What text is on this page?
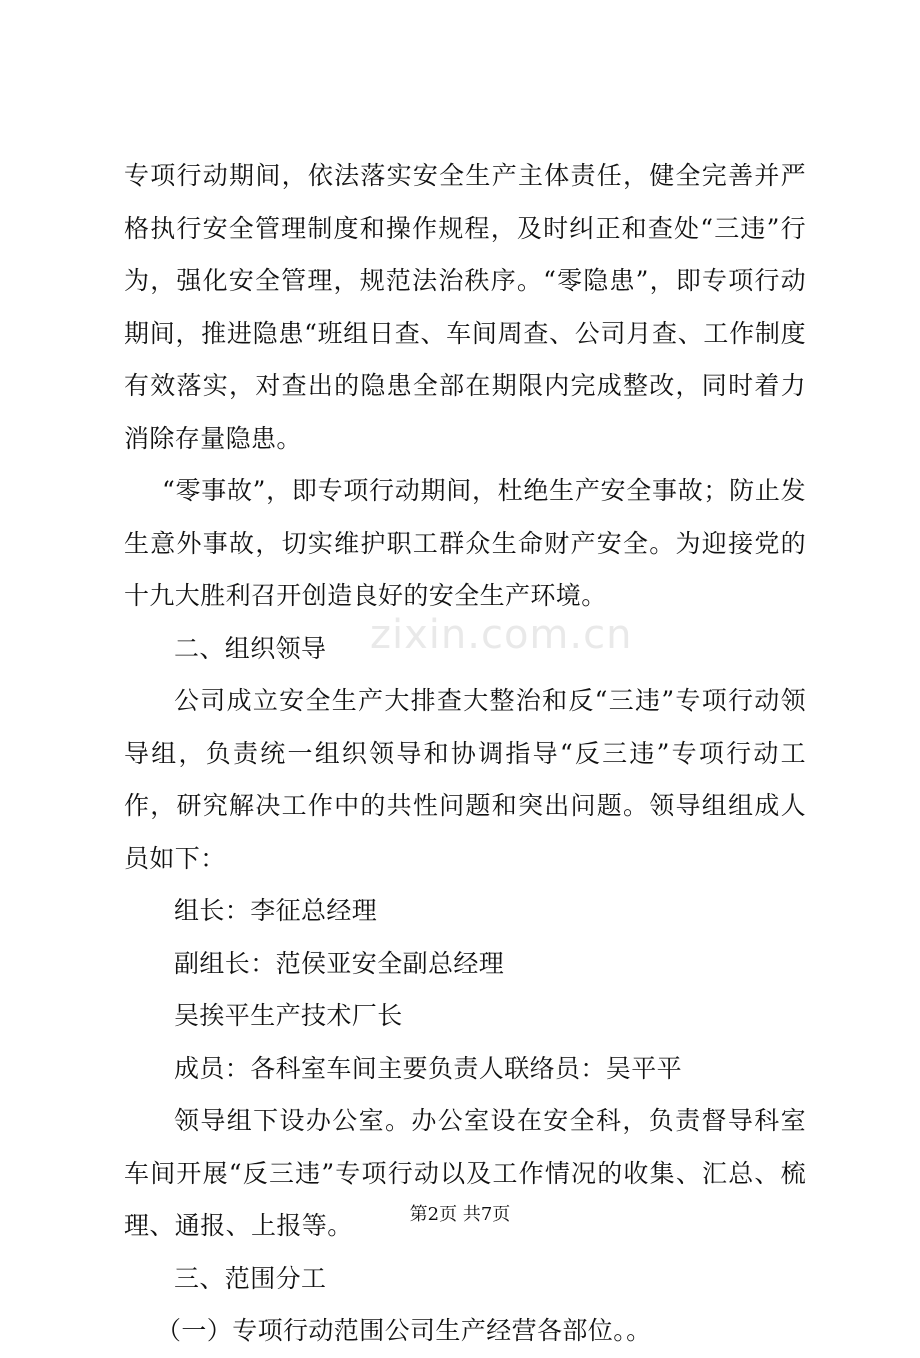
zixin.com.cn

专项行动期间，依法落实安全生产主体责任，健全完善并严格执行安全管理制度和操作规程，及时纠正和查处“三违”行为，强化安全管理，规范法治秩序。“零隐患”，即专项行动期间，推进隐患“班组日查、车间周查、公司月查、工作制度有效落实，对查出的隐患全部在期限内完成整改，同时着力消除存量隐患。

“零事故”，即专项行动期间，杜绝生产安全事故；防止发生意外事故，切实维护职工群众生命财产安全。为迎接党的十九大胜利召开创造良好的安全生产环境。

二、组织领导

公司成立安全生产大排查大整治和反“三违”专项行动领导组，负责统一组织领导和协调指导“反三违”专项行动工作，研究解决工作中的共性问题和突出问题。领导组组成人员如下：

组长：李征总经理

副组长：范侯亚安全副总经理

吴挨平生产技术厂长

成员：各科室车间主要负责人联络员：吴平平

领导组下设办公室。办公室设在安全科，负责督导科室车间开展“反三违”专项行动以及工作情况的收集、汇总、梳理、通报、上报等。

三、范围分工

（一）专项行动范围公司生产经营各部位。。

第2页 共7页
